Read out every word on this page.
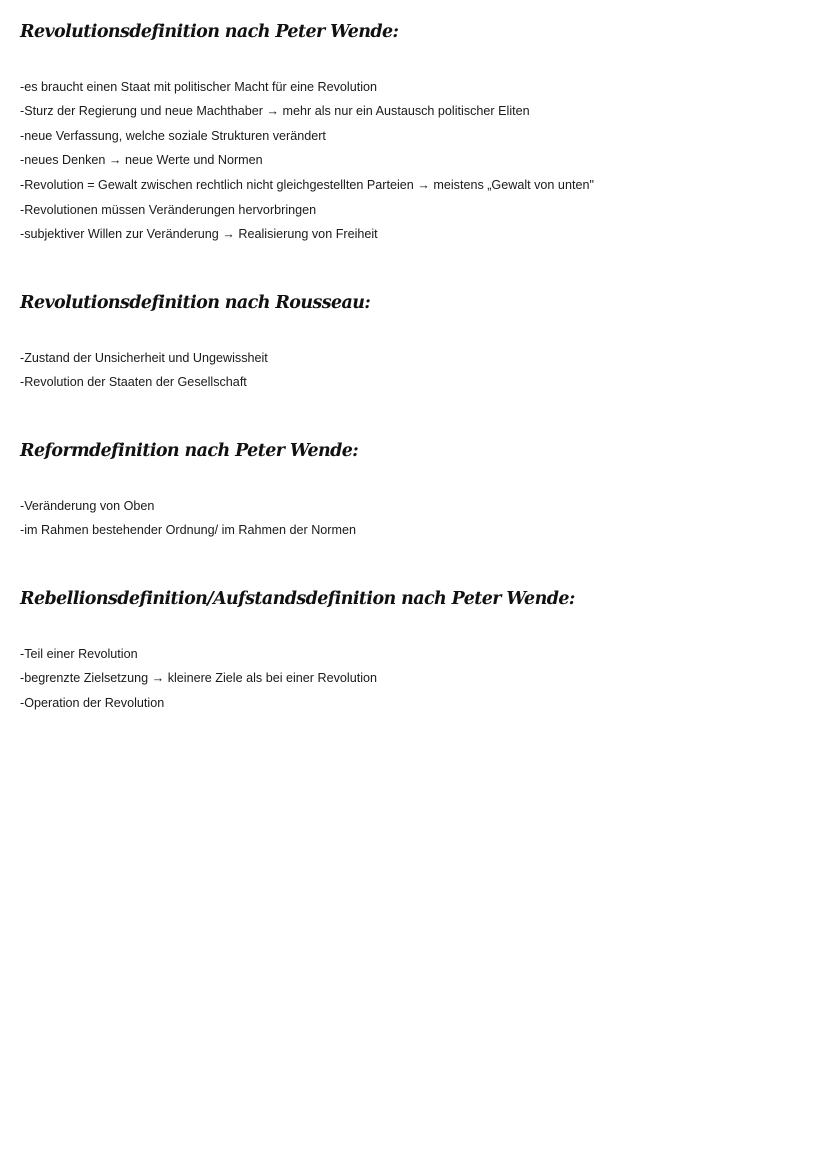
Revolutionsdefinition nach Peter Wende:
-es braucht einen Staat mit politischer Macht für eine Revolution
-Sturz der Regierung und neue Machthaber → mehr als nur ein Austausch politischer Eliten
-neue Verfassung, welche soziale Strukturen verändert
-neues Denken → neue Werte und Normen
-Revolution = Gewalt zwischen rechtlich nicht gleichgestellten Parteien → meistens „Gewalt von unten"
-Revolutionen müssen Veränderungen hervorbringen
-subjektiver Willen zur Veränderung → Realisierung von Freiheit
Revolutionsdefinition nach Rousseau:
-Zustand der Unsicherheit und Ungewissheit
-Revolution der Staaten der Gesellschaft
Reformdefinition nach Peter Wende:
-Veränderung von Oben
-im Rahmen bestehender Ordnung/ im Rahmen der Normen
Rebellionsdefinition/Aufstandsdefinition nach Peter Wende:
-Teil einer Revolution
-begrenzte Zielsetzung → kleinere Ziele als bei einer Revolution
-Operation der Revolution
